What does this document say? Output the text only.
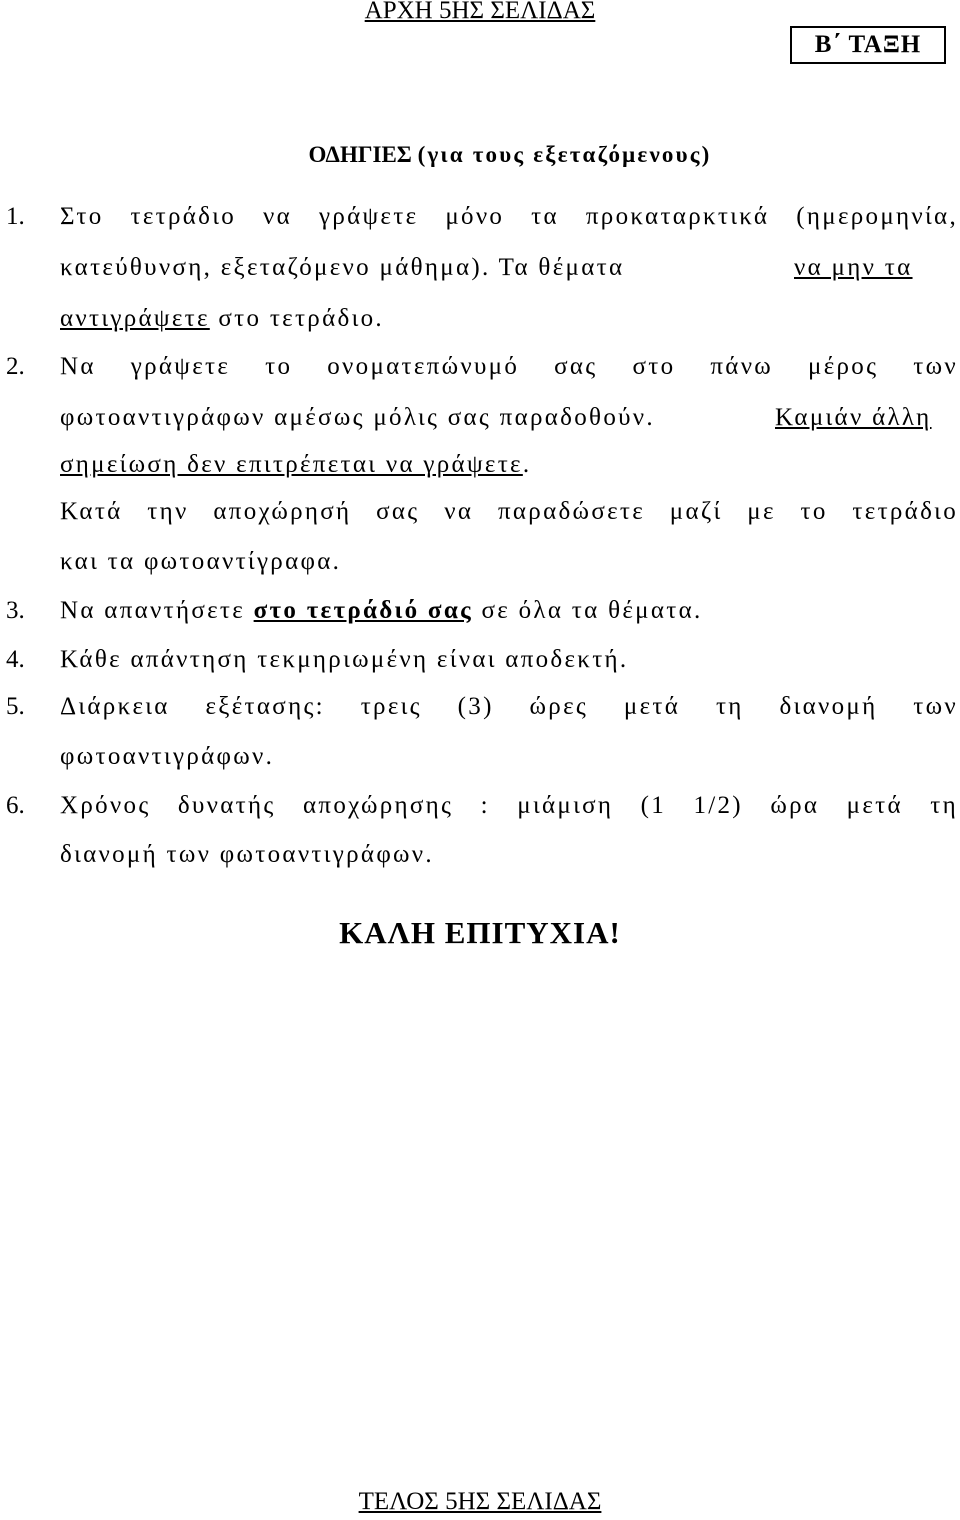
ΑΡΧΗ 5ΗΣ ΣΕΛΙΔΑΣ
Β΄ ΤΑΞΗ
ΟΔΗΓΙΕΣ (για τους εξεταζόμενους)
1. Στο τετράδιο να γράψετε μόνο τα προκαταρκτικά (ημερομηνία,
κατεύθυνση, εξεταζόμενο μάθημα). Τα θέματα	να μην τα
αντιγράψετε στο τετράδιο.
2. Να γράψετε το ονοματεπώνυμό σας στο πάνω μέρος των
φωτοαντιγράφων αμέσως μόλις σας παραδοθούν.	Καμιάν άλλη
σημείωση δεν επιτρέπεται να γράψετε.
Κατά την αποχώρησή σας να παραδώσετε μαζί με το τετράδιο
και τα φωτοαντίγραφα.
3. Να απαντήσετε στο τετράδιό σας σε όλα τα θέματα.
4. Κάθε απάντηση τεκμηριωμένη είναι αποδεκτή.
5. Διάρκεια εξέτασης: τρεις (3) ώρες μετά τη διανομή των
φωτοαντιγράφων.
6. Χρόνος δυνατής αποχώρησης : μιάμιση (1 1/2) ώρα μετά τη
διανομή των φωτοαντιγράφων.
ΚΑΛΗ ΕΠΙΤΥΧΙΑ!
ΤΕΛΟΣ 5ΗΣ ΣΕΛΙΔΑΣ
